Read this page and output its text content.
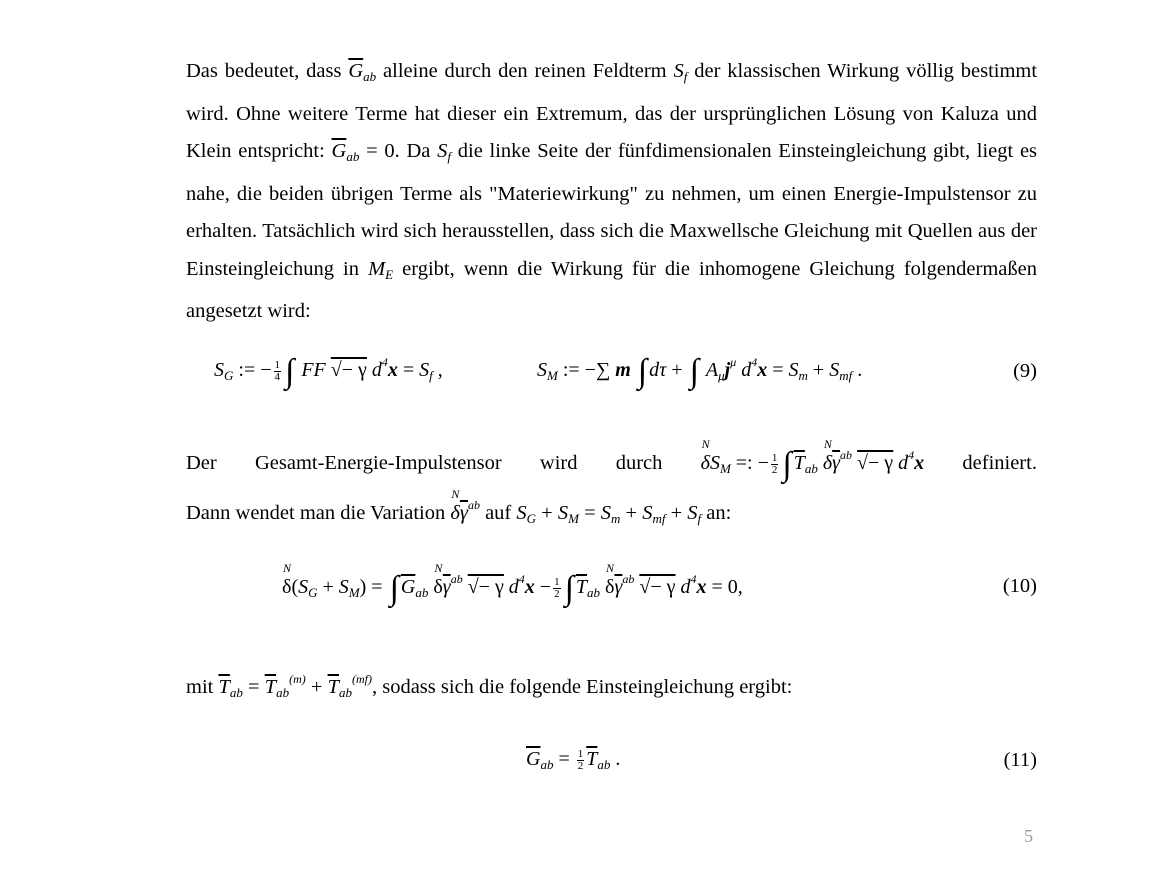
Das bedeutet, dass $\overline{G}_{ab}$ alleine durch den reinen Feldterm $S_f$ der klassischen Wirkung völlig bestimmt wird. Ohne weitere Terme hat dieser ein Extremum, das der ursprünglichen Lösung von Kaluza und Klein entspricht: $\overline{G}_{ab} = 0$. Da $S_f$ die linke Seite der fünfdimensionalen Einsteingleichung gibt, liegt es nahe, die beiden übrigen Terme als "Materiewirkung" zu nehmen, um einen Energie-Impulstensor zu erhalten. Tatsächlich wird sich herausstellen, dass sich die Maxwellsche Gleichung mit Quellen aus der Einsteingleichung in $M_E$ ergibt, wenn die Wirkung für die inhomogene Gleichung folgendermaßen angesetzt wird:
$S_G$ := − $\frac{1}{4}$ ∫ FF √− γ $d^4x = S_f$ ,	$S_M$ := −∑ m ∫ dτ + ∫ $A_\mu j^\mu$ $d^4x = S_m + S_{mf}$ .	(9)
Der Gesamt-Energie-Impulstensor wird durch δ
N
$S_M$ =: − $\frac{1}{2}$ ∫ $\overline{T}_{ab}$ δ
N
$\overline{\gamma}^{ab}$ √− γ $d^4x$ definiert.
Dann wendet man die Variation δ
N
$\overline{\gamma}^{ab}$ auf $S_G + S_M = S_m + S_{mf} + S_f$ an:
δ
N
$(S_G + S_M)$ = ∫ $\overline{G}_{ab}$ δ
N
$\overline{\gamma}^{ab}$ √− γ $d^4x - \frac{1}{2}$ ∫ $\overline{T}_{ab}$ δ
N
$\overline{\gamma}^{ab}$ √− γ $d^4x = 0$,	(10)
mit $\overline{T}_{ab} = \overline{T}_{ab}^{(m)} + \overline{T}_{ab}^{(mf)}$, sodass sich die folgende Einsteingleichung ergibt:
$\overline{G}_{ab} = \frac{1}{2} \overline{T}_{ab}$ .	(11)
5
